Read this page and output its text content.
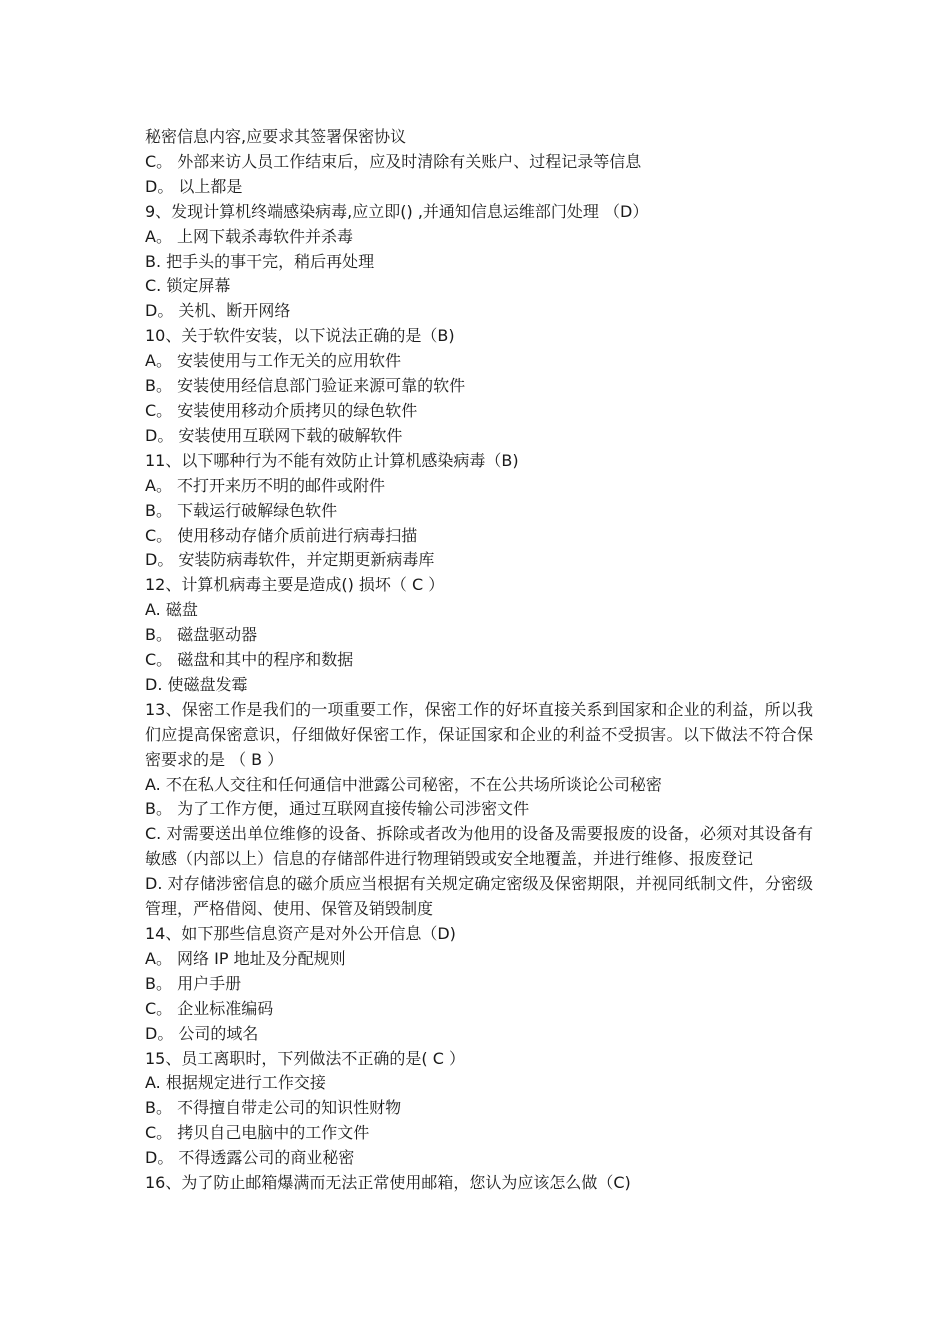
秘密信息内容,应要求其签署保密协议

C。 外部来访人员工作结束后，应及时清除有关账户、过程记录等信息

D。 以上都是

9、发现计算机终端感染病毒,应立即() ,并通知信息运维部门处理 （D）

A。 上网下载杀毒软件并杀毒

B. 把手头的事干完，稍后再处理

C. 锁定屏幕

D。 关机、断开网络

10、关于软件安装，以下说法正确的是（B)

A。 安装使用与工作无关的应用软件

B。 安装使用经信息部门验证来源可靠的软件

C。 安装使用移动介质拷贝的绿色软件

D。 安装使用互联网下载的破解软件

11、以下哪种行为不能有效防止计算机感染病毒（B)

A。 不打开来历不明的邮件或附件

B。 下载运行破解绿色软件

C。 使用移动存储介质前进行病毒扫描

D。 安装防病毒软件，并定期更新病毒库

12、计算机病毒主要是造成() 损坏（ C ）

A. 磁盘

B。 磁盘驱动器

C。 磁盘和其中的程序和数据

D. 使磁盘发霉

13、保密工作是我们的一项重要工作，保密工作的好坏直接关系到国家和企业的利益，所以我们应提高保密意识，仔细做好保密工作，保证国家和企业的利益不受损害。以下做法不符合保密要求的是 （ B ）

A. 不在私人交往和任何通信中泄露公司秘密，不在公共场所谈论公司秘密

B。 为了工作方便，通过互联网直接传输公司涉密文件

C. 对需要送出单位维修的设备、拆除或者改为他用的设备及需要报废的设备，必须对其设备有敏感（内部以上）信息的存储部件进行物理销毁或安全地覆盖，并进行维修、报废登记

D. 对存储涉密信息的磁介质应当根据有关规定确定密级及保密期限，并视同纸制文件，分密级管理，严格借阅、使用、保管及销毁制度

14、如下那些信息资产是对外公开信息（D)

A。 网络 IP 地址及分配规则

B。 用户手册

C。 企业标准编码

D。 公司的域名

15、员工离职时，下列做法不正确的是( C ）

A. 根据规定进行工作交接

B。 不得擅自带走公司的知识性财物

C。 拷贝自己电脑中的工作文件

D。 不得透露公司的商业秘密

16、为了防止邮箱爆满而无法正常使用邮箱，您认为应该怎么做（C)
